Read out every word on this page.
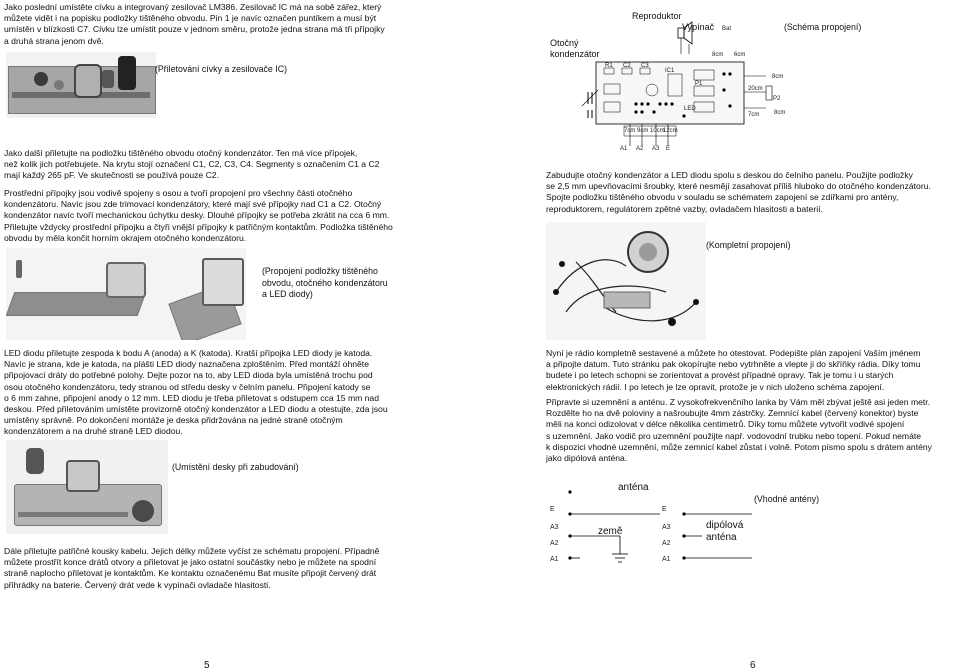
Jako poslední umístěte cívku a integrovaný zesilovač LM386. Zesilovač IC má na sobě zářez, který
můžete vidět i na popisku podložky tištěného obvodu. Pin 1 je navíc označen puntíkem a musí být
umístěn v blízkosti C7. Cívku lze umístit pouze v jednom směru, protože jedna strana má tři přípojky
a druhá strana jenom dvě.

(Přiletování cívky a zesilovače IC)

Jako další přiletujte na podložku tištěného obvodu otočný kondenzátor. Ten má více přípojek,
než kolik jich potřebujete. Na krytu stojí označení C1, C2, C3, C4. Segmenty s označením C1 a C2
mají každý 265 pF. Ve skutečnosti se používá pouze C2.

Prostřední přípojky jsou vodivě spojeny s osou a tvoří propojení pro všechny části otočného
kondenzátoru. Navíc jsou zde trimovací kondenzátory, které mají své přípojky nad C1 a C2. Otočný
kondenzátor navíc tvoří mechanickou úchytku desky. Dlouhé přípojky se potřeba zkrátit na cca 6 mm.
Přiletujte vždycky prostřední přípojku a čtyři vnější přípojky k patřičným kontaktům. Podložka tištěného
obvodu by měla končit horním okrajem otočného kondenzátoru.

(Propojení podložky tištěného
obvodu, otočného kondenzátoru
a LED diody)

LED diodu přiletujte zespoda k bodu A (anoda) a K (katoda). Kratší přípojka LED diody je katoda.
Navíc je strana, kde je katoda, na plášti LED diody naznačena zploštěním. Před montáží ohněte
připojovací dráty do potřebné polohy. Dejte pozor na to, aby LED dioda byla umístěná trochu pod
osou otočného kondenzátoru, tedy stranou od středu desky v čelním panelu. Připojení katody se
o 6 mm zahne, připojení anody o 12 mm. LED diodu je třeba přiletovat s odstupem cca 15 mm nad
deskou. Před přiletováním umístěte provizorně otočný kondenzátor a LED diodu a otestujte, zda jsou
umístěny správně. Po dokončení montáže je deska přidržována na jedné straně otočným
kondenzátorem a na druhé straně LED diodou.

(Umístění desky při zabudování)

Dále přiletujte patřičné kousky kabelu. Jejich délky můžete vyčíst ze schématu propojení. Případně
můžete prostřít konce drátů otvory a přiletovat je jako ostatní součástky nebo je můžete na spodní
straně naplocho přiletovat je kontaktům. Ke kontaktu označenému Bat musíte připojit červený drát
přihrádky na baterie. Červený drát vede k vypínači ovladače hlasitosti.

5
Reproduktor
Vypínač
Otočný
kondenzátor
7cm 9cm 10cm
12cm
8cm 6cm
8cm
20cm
8cm
7cm
IC1
R1 C2 C3
P1
LED
Bat
P2
A1 A2 A3 E
(Schéma propojení)

Zabudujte otočný kondenzátor a LED diodu spolu s deskou do čelního panelu. Použijte podložky
se 2,5 mm upevňovacími šroubky, které nesmějí zasahovat příliš hluboko do otočného kondenzátoru.
Spojte podložku tištěného obvodu v souladu se schématem zapojení se zdířkami pro antény,
reproduktorem, regulátorem zpětné vazby, ovladačem hlasitosti a baterií.

(Kompletní propojení)

Nyní je rádio kompletně sestavené a můžete ho otestovat. Podepište plán zapojení Vaším jménem
a připojte datum. Tuto stránku pak okopírujte nebo vytrhněte a vlepte ji do skříňky rádia. Díky tomu
budete i po letech schopni se zorientovat a provést případné opravy. Tak je tomu i u starých
elektronických rádií. I po letech je lze opravit, protože je v nich uloženo schéma zapojení.

Připravte si uzemnění a anténu. Z vysokofrekvenčního lanka by Vám měl zbývat ještě asi jeden metr.
Rozdělte ho na dvě poloviny a našroubujte 4mm zástrčky. Zemnící kabel (červený konektor) byste
měli na konci odizolovat v délce několika centimetrů. Díky tomu můžete vytvořit vodivé spojení
s uzemnění. Jako vodič pro uzemnění použijte např. vodovodní trubku nebo topení. Pokud nemáte
k dispozici vhodné uzemnění, může zemnicí kabel zůstat i volně. Potom písmo spolu s drátem antény
jako dipólová anténa.

E
A3
A2
A1
anténa
země
E
A3
A2
A1
dipólová
anténa
(Vhodné antény)
6
